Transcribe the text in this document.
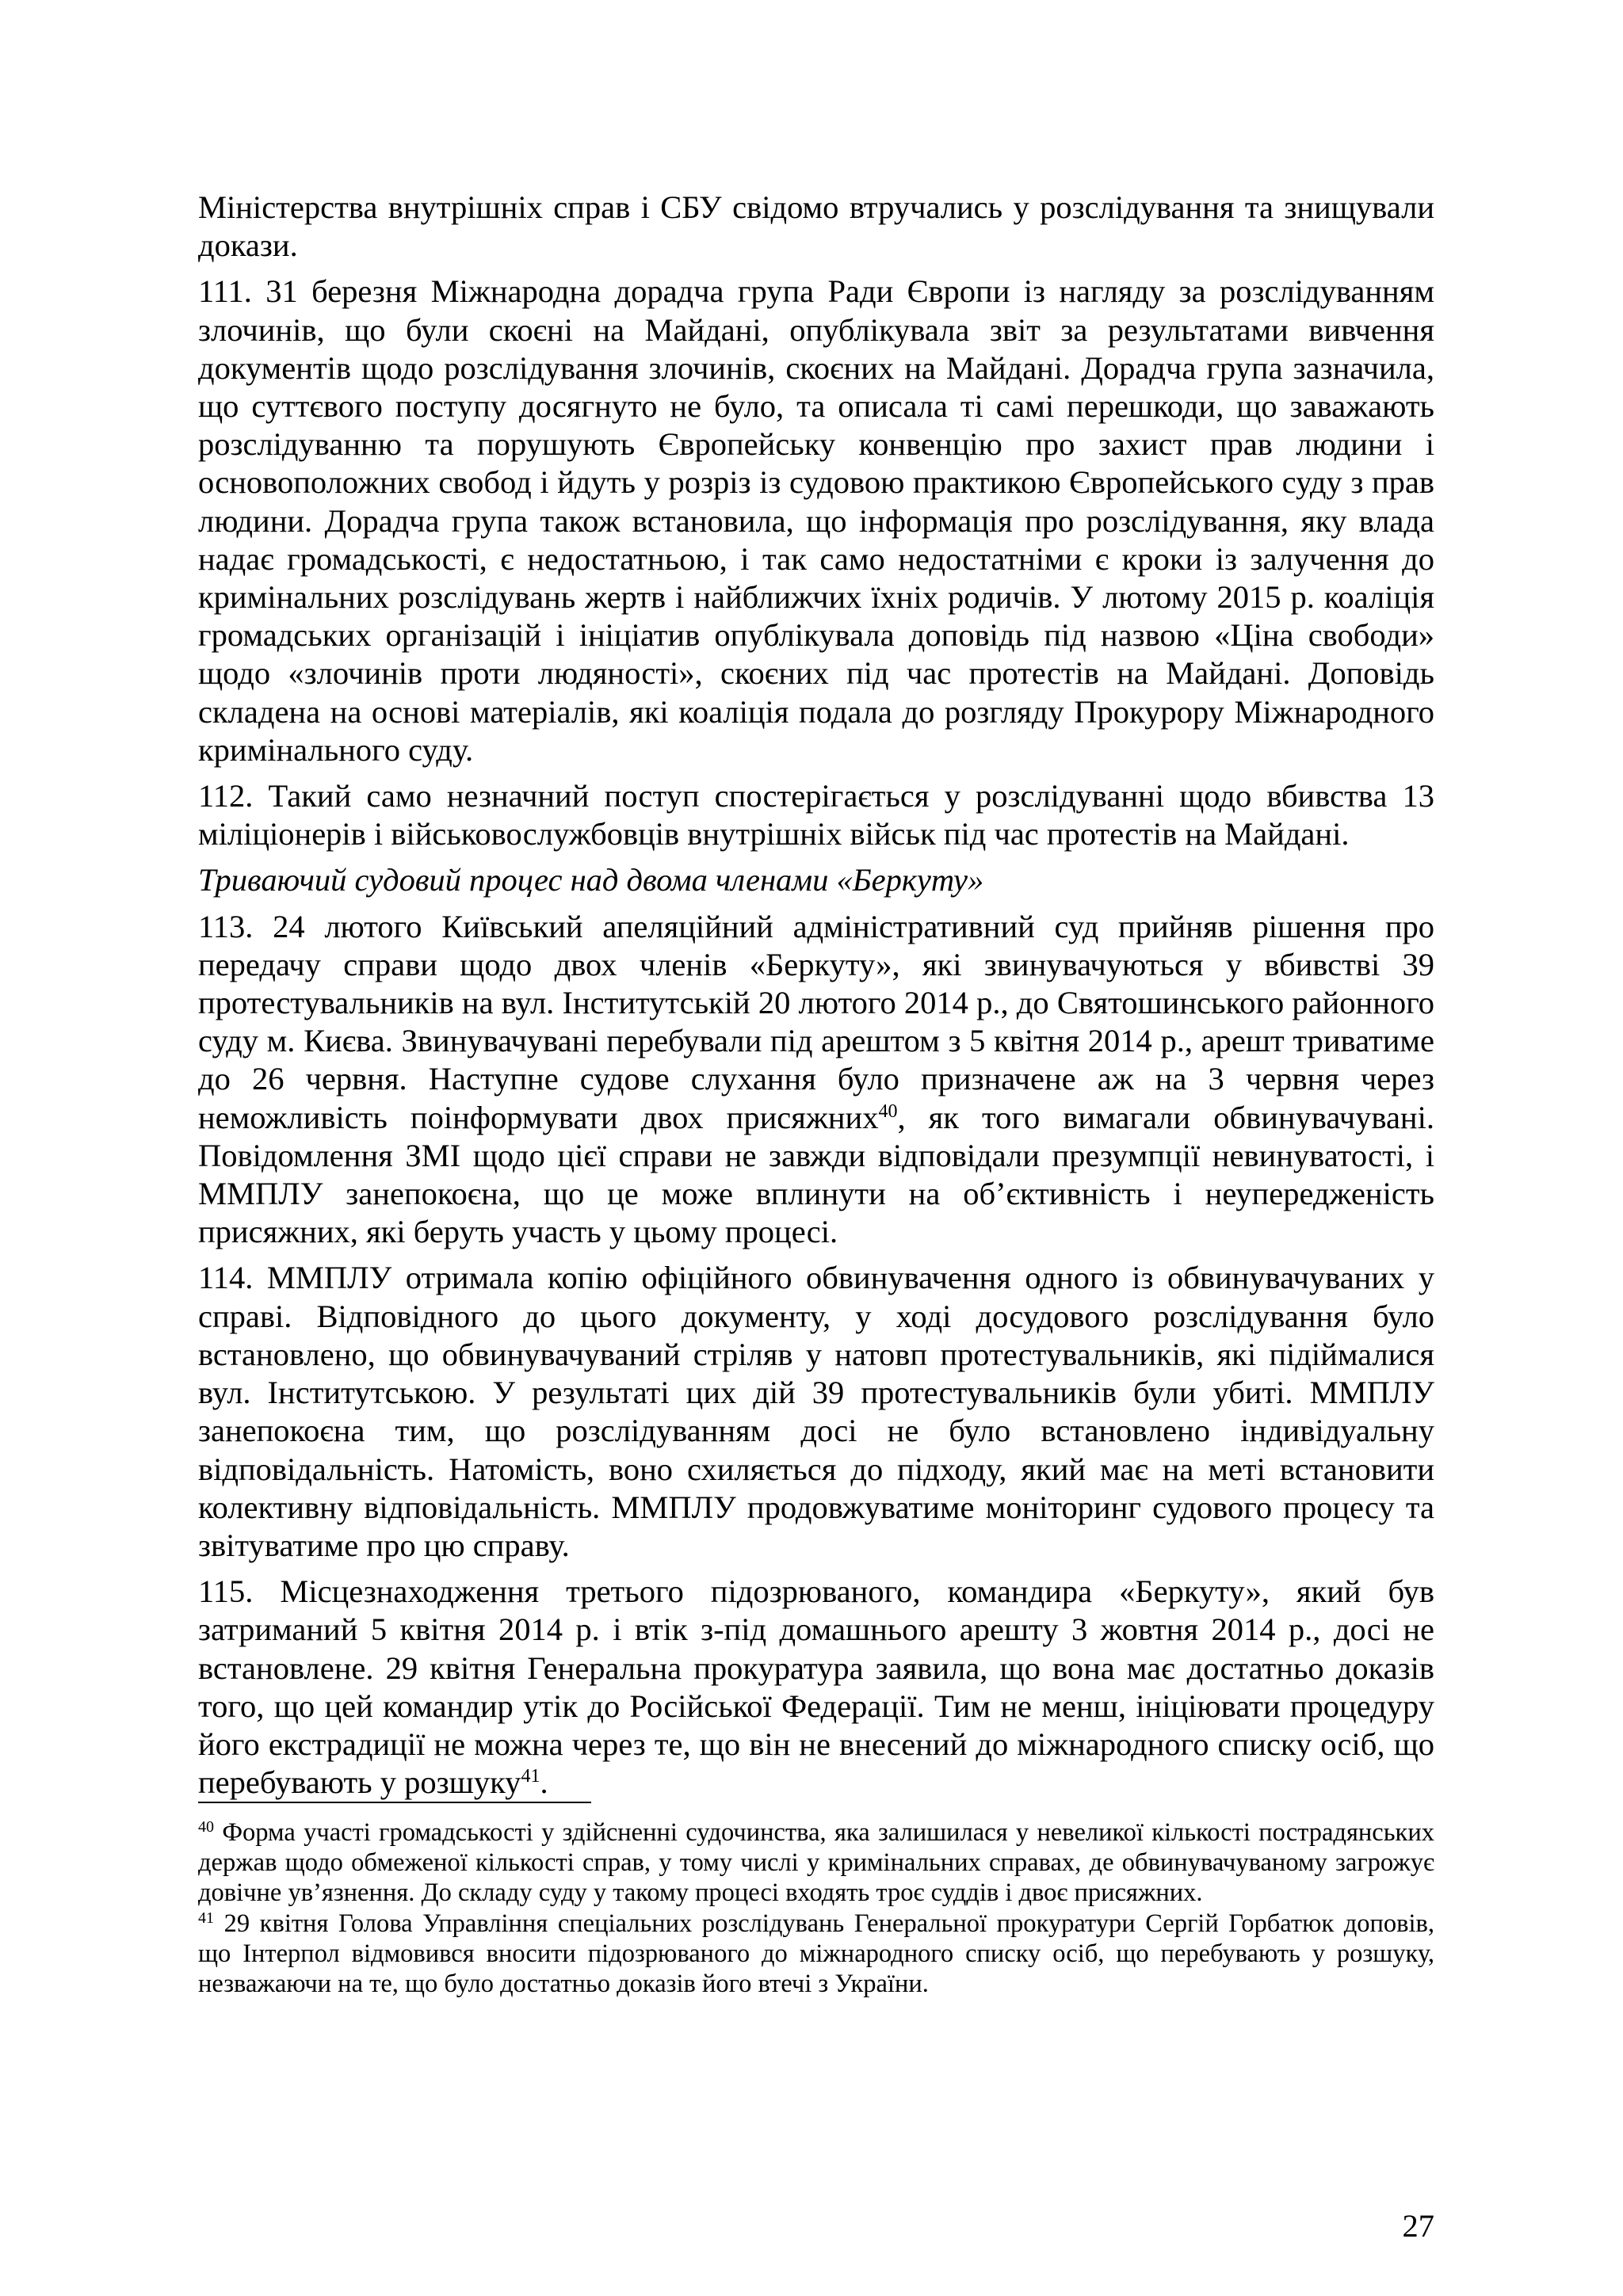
Міністерства внутрішніх справ і СБУ свідомо втручались у розслідування та знищували докази.

111. 31 березня Міжнародна дорадча група Ради Європи із нагляду за розслідуванням злочинів, що були скоєні на Майдані, опублікувала звіт за результатами вивчення документів щодо розслідування злочинів, скоєних на Майдані. Дорадча група зазначила, що суттєвого поступу досягнуто не було, та описала ті самі перешкоди, що заважають розслідуванню та порушують Європейську конвенцію про захист прав людини і основоположних свобод і йдуть у розріз із судовою практикою Європейського суду з прав людини. Дорадча група також встановила, що інформація про розслідування, яку влада надає громадськості, є недостатньою, і так само недостатніми є кроки із залучення до кримінальних розслідувань жертв і найближчих їхніх родичів. У лютому 2015 р. коаліція громадських організацій і ініціатив опублікувала доповідь під назвою «Ціна свободи» щодо «злочинів проти людяності», скоєних під час протестів на Майдані. Доповідь складена на основі матеріалів, які коаліція подала до розгляду Прокурору Міжнародного кримінального суду.

112. Такий само незначний поступ спостерігається у розслідуванні щодо вбивства 13 міліціонерів і військовослужбовців внутрішніх військ під час протестів на Майдані.

Триваючий судовий процес над двома членами «Беркуту»

113. 24 лютого Київський апеляційний адміністративний суд прийняв рішення про передачу справи щодо двох членів «Беркуту», які звинувачуються у вбивстві 39 протестувальників на вул. Інститутській 20 лютого 2014 р., до Святошинського районного суду м. Києва. Звинувачувані перебували під арештом з 5 квітня 2014 р., арешт триватиме до 26 червня. Наступне судове слухання було призначене аж на 3 червня через неможливість поінформувати двох присяжних$^{40}$, як того вимагали обвинувачувані. Повідомлення ЗМІ щодо цієї справи не завжди відповідали презумпції невинуватості, і ММПЛУ занепокоєна, що це може вплинути на об’єктивність і неупередженість присяжних, які беруть участь у цьому процесі.

114. ММПЛУ отримала копію офіційного обвинувачення одного із обвинувачуваних у справі. Відповідного до цього документу, у ході досудового розслідування було встановлено, що обвинувачуваний стріляв у натовп протестувальників, які підіймалися вул. Інститутською. У результаті цих дій 39 протестувальників були убиті. ММПЛУ занепокоєна тим, що розслідуванням досі не було встановлено індивідуальну відповідальність. Натомість, воно схиляється до підходу, який має на меті встановити колективну відповідальність. ММПЛУ продовжуватиме моніторинг судового процесу та звітуватиме про цю справу.

115. Місцезнаходження третього підозрюваного, командира «Беркуту», який був затриманий 5 квітня 2014 р. і втік з-під домашнього арешту 3 жовтня 2014 р., досі не встановлене. 29 квітня Генеральна прокуратура заявила, що вона має достатньо доказів того, що цей командир утік до Російської Федерації. Тим не менш, ініціювати процедуру його екстрадиції не можна через те, що він не внесений до міжнародного списку осіб, що перебувають у розшуку$^{41}$.

$^{40}$ Форма участі громадськості у здійсненні судочинства, яка залишилася у невеликої кількості пострадянських держав щодо обмеженої кількості справ, у тому числі у кримінальних справах, де обвинувачуваному загрожує довічне ув’язнення. До складу суду у такому процесі входять троє суддів і двоє присяжних.

$^{41}$ 29 квітня Голова Управління спеціальних розслідувань Генеральної прокуратури Сергій Горбатюк доповів, що Інтерпол відмовився вносити підозрюваного до міжнародного списку осіб, що перебувають у розшуку, незважаючи на те, що було достатньо доказів його втечі з України.

27
